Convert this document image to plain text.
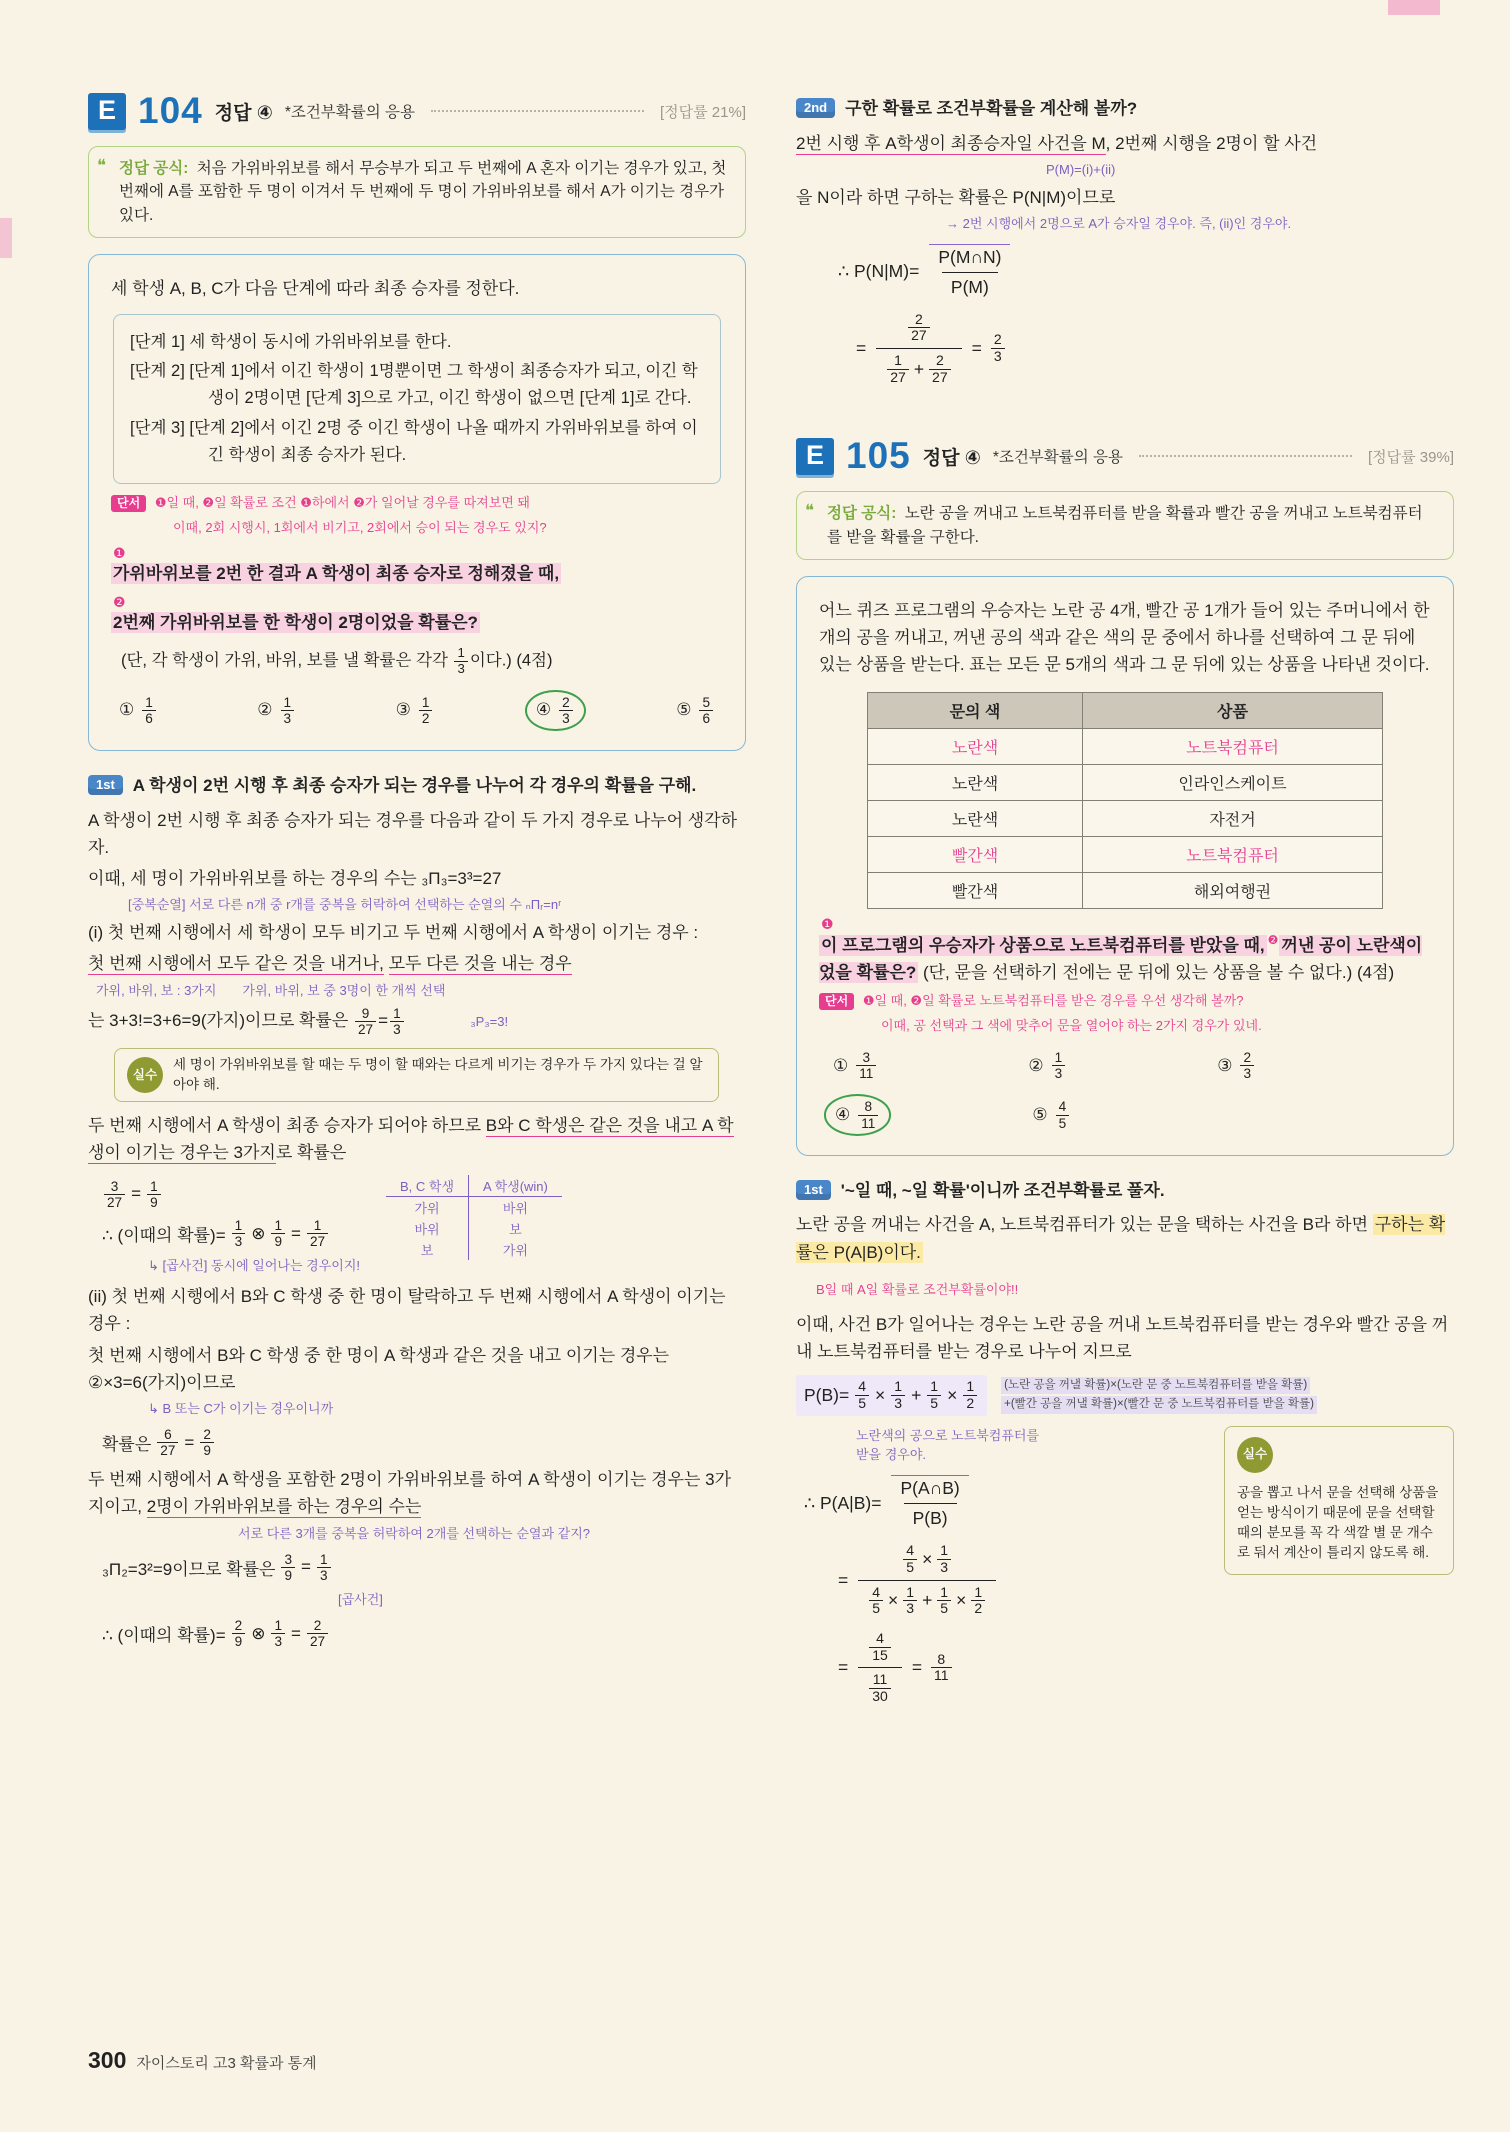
E 104 정답 ④ *조건부확률의 응용	[정답률 21%]
❝ 정답 공식: 처음 가위바위보를 해서 무승부가 되고 두 번째에 A 혼자 이기는 경우가 있고, 첫 번째에 A를 포함한 두 명이 이겨서 두 번째에 두 명이 가위바위보를 해서 A가 이기는 경우가 있다.

세 학생 A, B, C가 다음 단계에 따라 최종 승자를 정한다.

[단계 1] 세 학생이 동시에 가위바위보를 한다.

[단계 2] [단계 1]에서 이긴 학생이 1명뿐이면 그 학생이 최종승자가 되고, 이긴 학생이 2명이면 [단계 3]으로 가고, 이긴 학생이 없으면 [단계 1]로 간다.

[단계 3] [단계 2]에서 이긴 2명 중 이긴 학생이 나올 때까지 가위바위보를 하여 이긴 학생이 최종 승자가 된다.

단서 ❶일 때, ❷일 확률로 조건 ❶하에서 ❷가 일어날 경우를 따져보면 돼
이때, 2회 시행시, 1회에서 비기고, 2회에서 승이 되는 경우도 있지?
❶

가위바위보를 2번 한 결과 A 학생이 최종 승자로 정해졌을 때,

❷

2번째 가위바위보를 한 학생이 2명이었을 확률은?

(단, 각 학생이 가위, 바위, 보를 낼 확률은 각각 $\frac{1}{3}$ 이다.) (4점)
① 1
6	② 1
3	③ 1
2	④ 2
3	⑤ 5
6
1st	A 학생이 2번 시행 후 최종 승자가 되는 경우를 나누어 각 경우의 확률을 구해.

A 학생이 2번 시행 후 최종 승자가 되는 경우를 다음과 같이 두 가지 경우로 나누어 생각하자.

이때, 세 명이 가위바위보를 하는 경우의 수는 ₃Π₃=3³=27

[중복순열] 서로 다른 n개 중 r개를 중복을 허락하여 선택하는 순열의 수 ₙΠᵣ=nʳ

(i) 첫 번째 시행에서 세 학생이 모두 비기고 두 번째 시행에서 A 학생이 이기는 경우 :

첫 번째 시행에서 모두 같은 것을 내거나, 모두 다른 것을 내는 경우

가위, 바위, 보 : 3가지 가위, 바위, 보 중 3명이 한 개씩 선택

는 3+3!=3+6=9(가지)이므로 확률은 $\frac{9}{27} = \frac{1}{3}$	₃P₃=3!

실수
세 명이 가위바위보를 할 때는 두 명이 할 때와는 다르게 비기는 경우가 두 가지 있다는 걸 알아야 해.

두 번째 시행에서 A 학생이 최종 승자가 되어야 하므로 B와 C 학생은 같은 것을 내고 A 학생이 이기는 경우는 3가지로 확률은

$\frac{3}{27} = \frac{1}{9}$
∴ (이때의 확률)= $\frac{1}{3}$ ⊗ $\frac{1}{9} = \frac{1}{27}$

↳ [곱사건] 동시에 일어나는 경우이지!

B, C 학생	A 학생(win)
가위	바위
바위	보
보	가위

(ii) 첫 번째 시행에서 B와 C 학생 중 한 명이 탈락하고 두 번째 시행에서 A 학생이 이기는 경우 :

첫 번째 시행에서 B와 C 학생 중 한 명이 A 학생과 같은 것을 내고 이기는 경우는 ②×3=6(가지)이므로

↳ B 또는 C가 이기는 경우이니까

확률은 $\frac{6}{27} = \frac{2}{9}$

두 번째 시행에서 A 학생을 포함한 2명이 가위바위보를 하여 A 학생이 이기는 경우는 3가지이고, 2명이 가위바위보를 하는 경우의 수는

서로 다른 3개를 중복을 허락하여 2개를 선택하는 순열과 같지?

₃Π₂=3²=9이므로 확률은 $\frac{3}{9} = \frac{1}{3}$

[곱사건]

∴ (이때의 확률)= $\frac{2}{9}$ ⊗ $\frac{1}{3} = \frac{2}{27}$
2nd	구한 확률로 조건부확률을 계산해 볼까?

2번 시행 후 A학생이 최종승자일 사건을 M, 2번째 시행을 2명이 할 사건

P(M)=(i)+(ii)

을 N이라 하면 구하는 확률은 P(N|M)이므로

→ 2번 시행에서 2명으로 A가 승자일 경우야. 즉, (ii)인 경우야.

∴ $P(N|M)= \frac{P(M\cap N)}{P(M)}$
= 2
27
1
$27 + \frac{2}{27} = \frac{2}{3}$
E 105 정답 ④ *조건부확률의 응용	[정답률 39%]
❝ 정답 공식: 노란 공을 꺼내고 노트북컴퓨터를 받을 확률과 빨간 공을 꺼내고 노트북컴퓨터를 받을 확률을 구한다.

어느 퀴즈 프로그램의 우승자는 노란 공 4개, 빨간 공 1개가 들어 있는 주머니에서 한 개의 공을 꺼내고, 꺼낸 공의 색과 같은 색의 문 중에서 하나를 선택하여 그 문 뒤에 있는 상품을 받는다. 표는 모든 문 5개의 색과 그 문 뒤에 있는 상품을 나타낸 것이다.

문의 색	상품
노란색	노트북컴퓨터
노란색	인라인스케이트
노란색	자전거
빨간색	노트북컴퓨터
빨간색	해외여행권
❶

이 프로그램의 우승자가 상품으로 노트북컴퓨터를 받았을 때, $^❷$ 꺼낸 공이 노란색이었을 확률은? (단, 문을 선택하기 전에는 문 뒤에 있는 상품을 볼 수 없다.) (4점)

단서 ❶일 때, ❷일 확률로 노트북컴퓨터를 받은 경우를 우선 생각해 볼까?
이때, 공 선택과 그 색에 맞추어 문을 열어야 하는 2가지 경우가 있네.
① 3
11	② 1
3	③ 2
3
④ 8
11	⑤ 4
5
1st	'~일 때, ~일 확률'이니까 조건부확률로 풀자.

노란 공을 꺼내는 사건을 A, 노트북컴퓨터가 있는 문을 택하는 사건을 B라 하면 구하는 확률은 P(A|B)이다.

B일 때 A일 확률로 조건부확률이야!!

이때, 사건 B가 일어나는 경우는 노란 공을 꺼내 노트북컴퓨터를 받는 경우와 빨간 공을 꺼내 노트북컴퓨터를 받는 경우로 나누어 지므로

$P(B)= \frac{4}{5} \times \frac{1}{3} + \frac{1}{5} \times \frac{1}{2}$ (노란 공을 꺼낼 확률)×(노란 문 중 노트북컴퓨터를 받을 확률) +(빨간 공을 꺼낼 확률)×(빨간 문 중 노트북컴퓨터를 받을 확률)

노란색의 공으로 노트북컴퓨터를

받을 경우야.

∴ $P(A|B)= \frac{P(A\cap B)}{P(B)}$
= $\frac{\frac{4}{5} \times \frac{1}{3}}{\frac{4}{5} \times \frac{1}{3} + \frac{1}{5} \times \frac{1}{2}}$
= 4
15
11
$30 = \frac{8}{11}$
실수
공을 뽑고 나서 문을 선택해 상품을 얻는 방식이기 때문에 문을 선택할 때의 분모를 꼭 각 색깔 별 문 개수로 둬서 계산이 틀리지 않도록 해.
300 자이스토리 고3 확률과 통계
